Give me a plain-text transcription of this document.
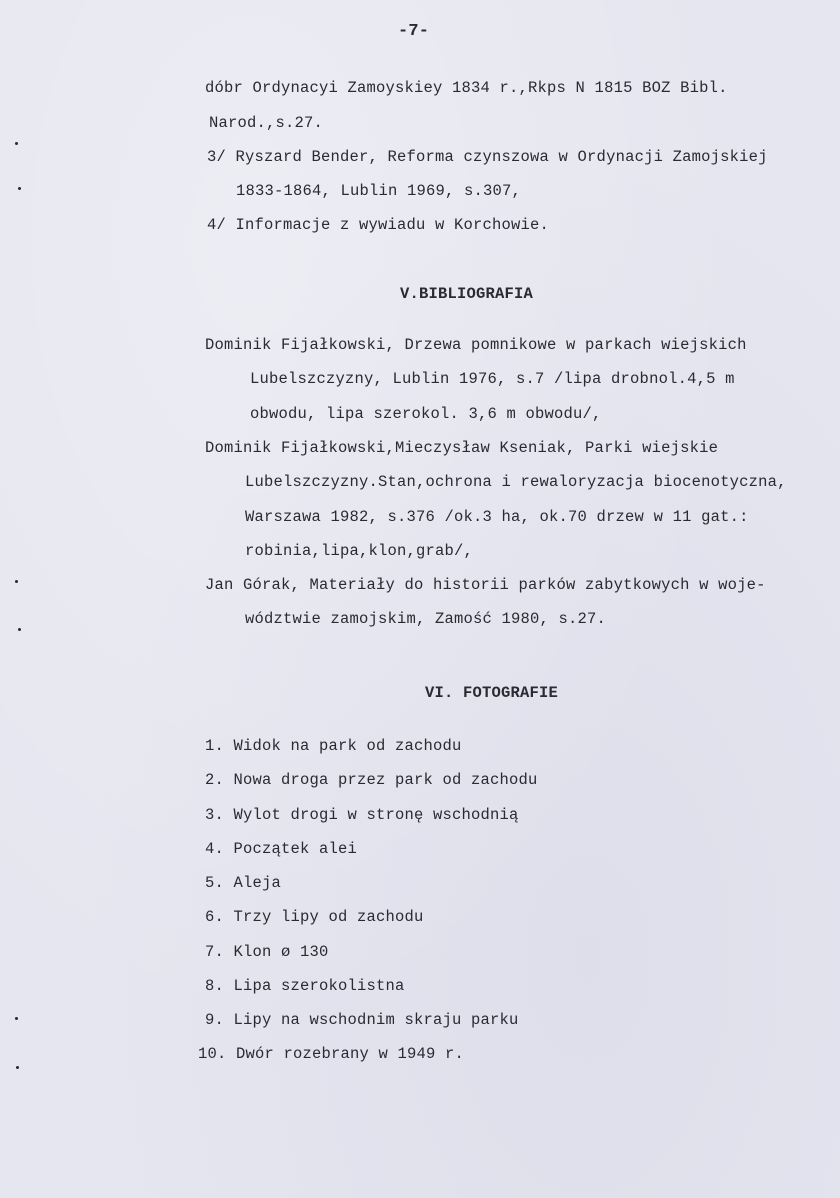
-7-
dóbr Ordynacyi Zamoyskiey 1834 r.,Rkps N 1815 BOZ Bibl.
Narod.,s.27.
3/ Ryszard Bender, Reforma czynszowa w Ordynacji Zamojskiej
1833-1864, Lublin 1969, s.307,
4/ Informacje z wywiadu w Korchowie.
V.BIBLIOGRAFIA
Dominik Fijałkowski, Drzewa pomnikowe w parkach wiejskich
Lubelszczyzny, Lublin 1976, s.7 /lipa drobnol.4,5 m
obwodu, lipa szerokol. 3,6 m obwodu/,
Dominik Fijałkowski,Mieczysław Kseniak, Parki wiejskie
Lubelszczyzny.Stan,ochrona i rewaloryzacja biocenotyczna,
Warszawa 1982, s.376 /ok.3 ha, ok.70 drzew w 11 gat.:
robinia,lipa,klon,grab/,
Jan Górak, Materiały do historii parków zabytkowych w woje-
wództwie zamojskim, Zamość 1980, s.27.
VI. FOTOGRAFIE
1. Widok na park od zachodu
2. Nowa droga przez park od zachodu
3. Wylot drogi w stronę wschodnią
4. Początek alei
5. Aleja
6. Trzy lipy od zachodu
7. Klon ø 130
8. Lipa szerokolistna
9. Lipy na wschodnim skraju parku
10. Dwór rozebrany w 1949 r.
